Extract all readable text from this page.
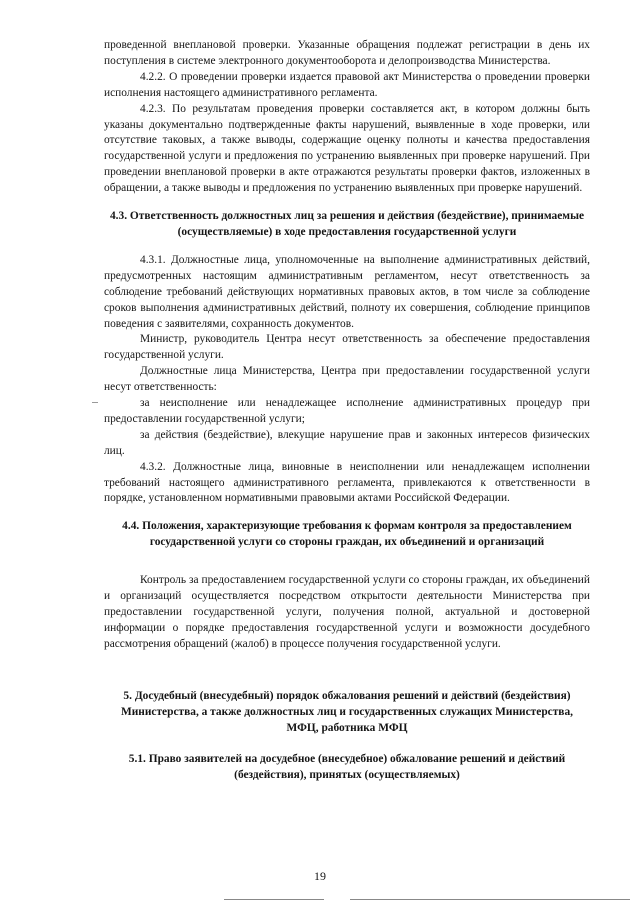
проведенной внеплановой проверки. Указанные обращения подлежат регистрации в день их поступления в системе электронного документооборота и делопроизводства Министерства.

4.2.2. О проведении проверки издается правовой акт Министерства о проведении проверки исполнения настоящего административного регламента.

4.2.3. По результатам проведения проверки составляется акт, в котором должны быть указаны документально подтвержденные факты нарушений, выявленные в ходе проверки, или отсутствие таковых, а также выводы, содержащие оценку полноты и качества предоставления государственной услуги и предложения по устранению выявленных при проверке нарушений. При проведении внеплановой проверки в акте отражаются результаты проверки фактов, изложенных в обращении, а также выводы и предложения по устранению выявленных при проверке нарушений.

4.3. Ответственность должностных лиц за решения и действия (бездействие), принимаемые (осуществляемые) в ходе предоставления государственной услуги

4.3.1. Должностные лица, уполномоченные на выполнение административных действий, предусмотренных настоящим административным регламентом, несут ответственность за соблюдение требований действующих нормативных правовых актов, в том числе за соблюдение сроков выполнения административных действий, полноту их совершения, соблюдение принципов поведения с заявителями, сохранность документов.

Министр, руководитель Центра несут ответственность за обеспечение предоставления государственной услуги.

Должностные лица Министерства, Центра при предоставлении государственной услуги несут ответственность:

за неисполнение или ненадлежащее исполнение административных процедур при предоставлении государственной услуги;

за действия (бездействие), влекущие нарушение прав и законных интересов физических лиц.

4.3.2. Должностные лица, виновные в неисполнении или ненадлежащем исполнении требований настоящего административного регламента, привлекаются к ответственности в порядке, установленном нормативными правовыми актами Российской Федерации.

4.4. Положения, характеризующие требования к формам контроля за предоставлением государственной услуги со стороны граждан, их объединений и организаций

Контроль за предоставлением государственной услуги со стороны граждан, их объединений и организаций осуществляется посредством открытости деятельности Министерства при предоставлении государственной услуги, получения полной, актуальной и достоверной информации о порядке предоставления государственной услуги и возможности досудебного рассмотрения обращений (жалоб) в процессе получения государственной услуги.

5. Досудебный (внесудебный) порядок обжалования решений и действий (бездействия) Министерства, а также должностных лиц и государственных служащих Министерства, МФЦ, работника МФЦ
5.1. Право заявителей на досудебное (внесудебное) обжалование решений и действий (бездействия), принятых (осуществляемых)
19
